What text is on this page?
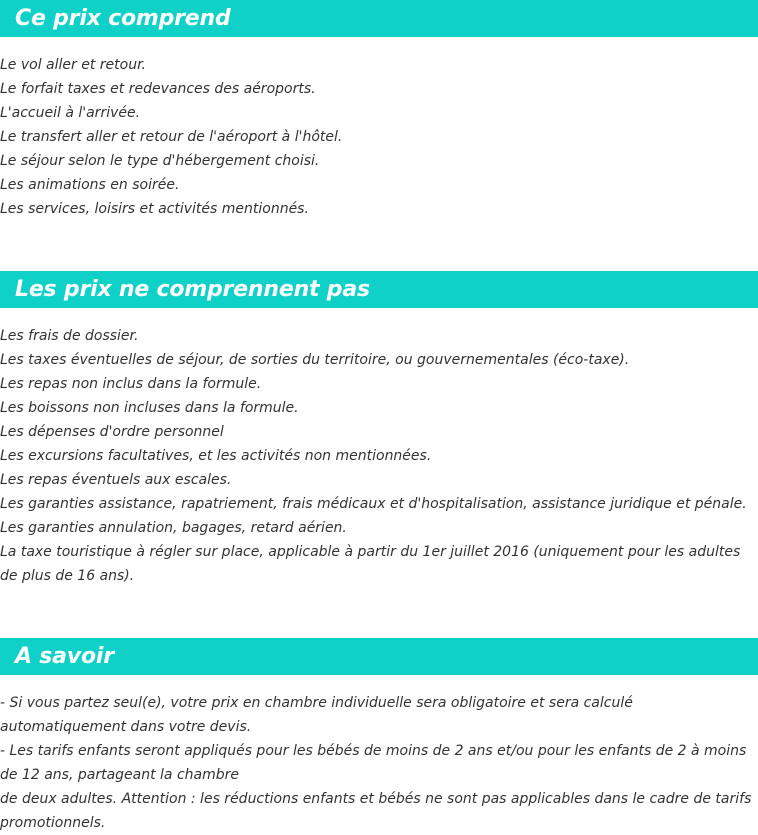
Ce prix comprend
Le vol aller et retour.
Le forfait taxes et redevances des aéroports.
L'accueil à l'arrivée.
Le transfert aller et retour de l'aéroport à l'hôtel.
Le séjour selon le type d'hébergement choisi.
Les animations en soirée.
Les services, loisirs et activités mentionnés.
Les prix ne comprennent pas
Les frais de dossier.
Les taxes éventuelles de séjour, de sorties du territoire, ou gouvernementales (éco-taxe).
Les repas non inclus dans la formule.
Les boissons non incluses dans la formule.
Les dépenses d'ordre personnel
Les excursions facultatives, et les activités non mentionnées.
Les repas éventuels aux escales.
Les garanties assistance, rapatriement, frais médicaux et d'hospitalisation, assistance juridique et pénale.
Les garanties annulation, bagages, retard aérien.
La taxe touristique à régler sur place, applicable à partir du 1er juillet 2016 (uniquement pour les adultes de plus de 16 ans).
A savoir
- Si vous partez seul(e), votre prix en chambre individuelle sera obligatoire et sera calculé automatiquement dans votre devis.
- Les tarifs enfants seront appliqués pour les bébés de moins de 2 ans et/ou pour les enfants de 2 à moins de 12 ans, partageant la chambre
de deux adultes. Attention : les réductions enfants et bébés ne sont pas applicables dans le cadre de tarifs promotionnels.
